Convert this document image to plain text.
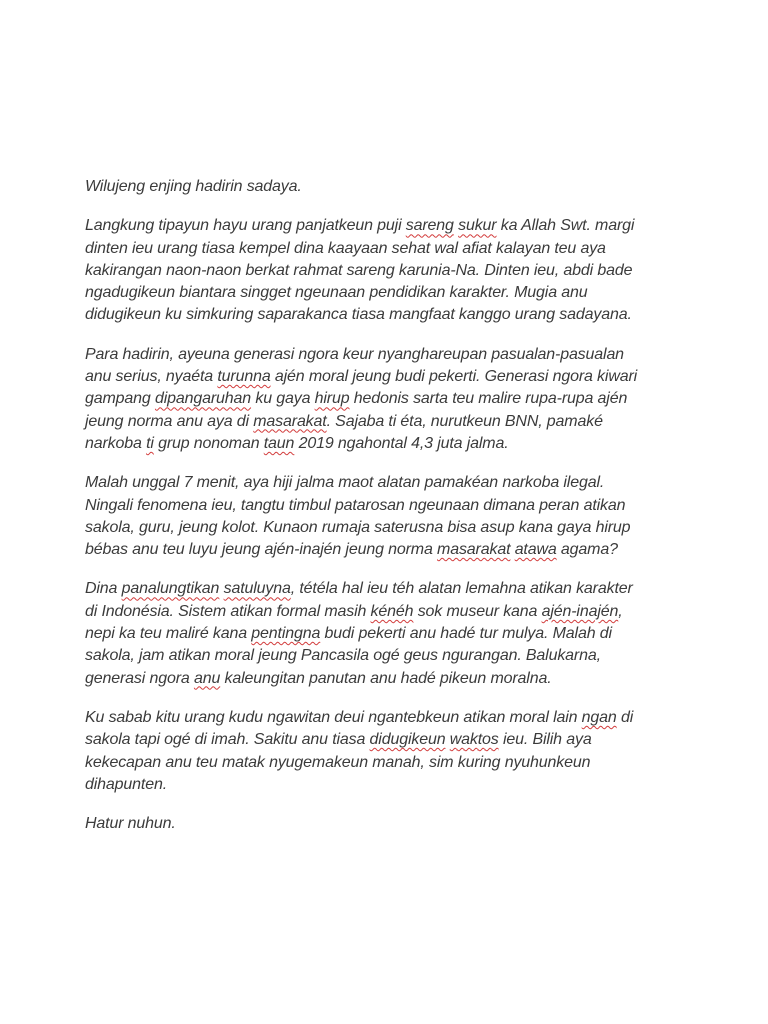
Wilujeng enjing hadirin sadaya.

Langkung tipayun hayu urang panjatkeun puji sareng sukur ka Allah Swt. margi
dinten ieu urang tiasa kempel dina kaayaan sehat wal afiat kalayan teu aya
kakirangan naon-naon berkat rahmat sareng karunia-Na. Dinten ieu, abdi bade
ngadugikeun biantara singget ngeunaan pendidikan karakter. Mugia anu
didugikeun ku simkuring saparakanca tiasa mangfaat kanggo urang sadayana.

Para hadirin, ayeuna generasi ngora keur nyanghareupan pasualan-pasualan
anu serius, nyaéta turunna ajén moral jeung budi pekerti. Generasi ngora kiwari
gampang dipangaruhan ku gaya hirup hedonis sarta teu malire rupa-rupa ajén
jeung norma anu aya di masarakat. Sajaba ti éta, nurutkeun BNN, pamaké
narkoba ti grup nonoman taun 2019 ngahontal 4,3 juta jalma.

Malah unggal 7 menit, aya hiji jalma maot alatan pamakéan narkoba ilegal.
Ningali fenomena ieu, tangtu timbul patarosan ngeunaan dimana peran atikan
sakola, guru, jeung kolot. Kunaon rumaja saterusna bisa asup kana gaya hirup
bébas anu teu luyu jeung ajén-inajén jeung norma masarakat atawa agama?

Dina panalungtikan satuluyna, tétéla hal ieu téh alatan lemahna atikan karakter
di Indonésia. Sistem atikan formal masih kénéh sok museur kana ajén-inajén,
nepi ka teu maliré kana pentingna budi pekerti anu hadé tur mulya. Malah di
sakola, jam atikan moral jeung Pancasila ogé geus ngurangan. Balukarna,
generasi ngora anu kaleungitan panutan anu hadé pikeun moralna.

Ku sabab kitu urang kudu ngawitan deui ngantebkeun atikan moral lain ngan di
sakola tapi ogé di imah. Sakitu anu tiasa didugikeun waktos ieu. Bilih aya
kekecapan anu teu matak nyugemakeun manah, sim kuring nyuhunkeun
dihapunten.

Hatur nuhun.
